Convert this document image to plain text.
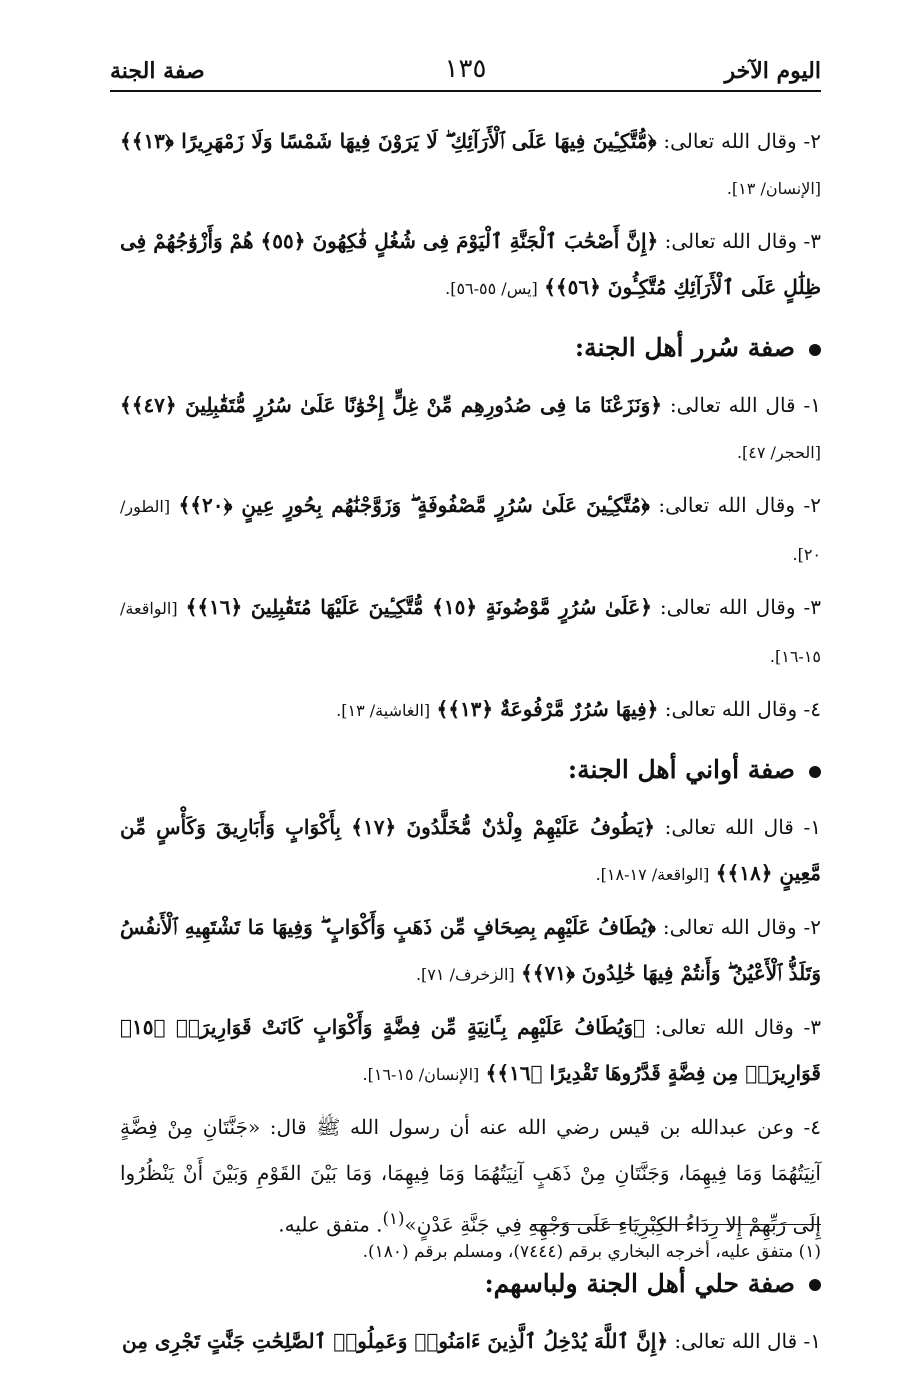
اليوم الآخر
١٣٥
صفة الجنة

٢- وقال الله تعالى: ﴿مُّتَّكِـِٔينَ فِيهَا عَلَى ٱلْأَرَآئِكِ ۖ لَا يَرَوْنَ فِيهَا شَمْسًا وَلَا زَمْهَرِيرًا ﴿١٣﴾﴾ [الإنسان/ ١٣].

٣- وقال الله تعالى: ﴿إِنَّ أَصْحَٰبَ ٱلْجَنَّةِ ٱلْيَوْمَ فِى شُغُلٍ فَٰكِهُونَ ﴿٥٥﴾ هُمْ وَأَزْوَٰجُهُمْ فِى ظِلَٰلٍ عَلَى ٱلْأَرَآئِكِ مُتَّكِـُٔونَ ﴿٥٦﴾﴾ [يس/ ٥٥-٥٦].

صفة سُرر أهل الجنة:

١- قال الله تعالى: ﴿وَنَزَعْنَا مَا فِى صُدُورِهِم مِّنْ غِلٍّ إِخْوَٰنًا عَلَىٰ سُرُرٍ مُّتَقَٰبِلِينَ ﴿٤٧﴾﴾ [الحجر/ ٤٧].

٢- وقال الله تعالى: ﴿مُتَّكِـِٔينَ عَلَىٰ سُرُرٍ مَّصْفُوفَةٍ ۖ وَزَوَّجْنَٰهُم بِحُورٍ عِينٍ ﴿٢٠﴾﴾ [الطور/ ٢٠].

٣- وقال الله تعالى: ﴿عَلَىٰ سُرُرٍ مَّوْضُونَةٍ ﴿١٥﴾ مُّتَّكِـِٔينَ عَلَيْهَا مُتَقَٰبِلِينَ ﴿١٦﴾﴾ [الواقعة/ ١٥-١٦].

٤- وقال الله تعالى: ﴿فِيهَا سُرُرٌ مَّرْفُوعَةٌ ﴿١٣﴾﴾ [الغاشية/ ١٣].

صفة أواني أهل الجنة:

١- قال الله تعالى: ﴿يَطُوفُ عَلَيْهِمْ وِلْدَٰنٌ مُّخَلَّدُونَ ﴿١٧﴾ بِأَكْوَابٍ وَأَبَارِيقَ وَكَأْسٍ مِّن مَّعِينٍ ﴿١٨﴾﴾ [الواقعة/ ١٧-١٨].

٢- وقال الله تعالى: ﴿يُطَافُ عَلَيْهِم بِصِحَافٍ مِّن ذَهَبٍ وَأَكْوَابٍ ۖ وَفِيهَا مَا تَشْتَهِيهِ ٱلْأَنفُسُ وَتَلَذُّ ٱلْأَعْيُنُ ۖ وَأَنتُمْ فِيهَا خَٰلِدُونَ ﴿٧١﴾﴾ [الزخرف/ ٧١].

٣- وقال الله تعالى: ﴿وَيُطَافُ عَلَيْهِم بِـَٔانِيَةٍ مِّن فِضَّةٍ وَأَكْوَابٍ كَانَتْ قَوَارِيرَا۠ ﴿١٥﴾ قَوَارِيرَا۟ مِن فِضَّةٍ قَدَّرُوهَا تَقْدِيرًا ﴿١٦﴾﴾ [الإنسان/ ١٥-١٦].

٤- وعن عبدالله بن قيس رضي الله عنه أن رسول الله ﷺ قال: «جَنَّتَانِ مِنْ فِضَّةٍ آنِيَتُهُمَا وَمَا فِيهِمَا، وَجَنَّتَانِ مِنْ ذَهَبٍ آنِيَتُهُمَا وَمَا فِيهِمَا، وَمَا بَيْنَ القَوْمِ وَبَيْنَ أَنْ يَنْظُرُوا إِلَى رَبِّهِمْ إِلا رِدَاءُ الكِبْرِيَاءِ عَلَى وَجْهِهِ فِي جَنَّةِ عَدْنٍ»$^{(١)}$. متفق عليه.

صفة حلي أهل الجنة ولباسهم:

١- قال الله تعالى: ﴿إِنَّ ٱللَّهَ يُدْخِلُ ٱلَّذِينَ ءَامَنُوا۟ وَعَمِلُوا۟ ٱلصَّٰلِحَٰتِ جَنَّٰتٍ تَجْرِى مِن

(١) متفق عليه، أخرجه البخاري برقم (٧٤٤٤)، ومسلم برقم (١٨٠).
